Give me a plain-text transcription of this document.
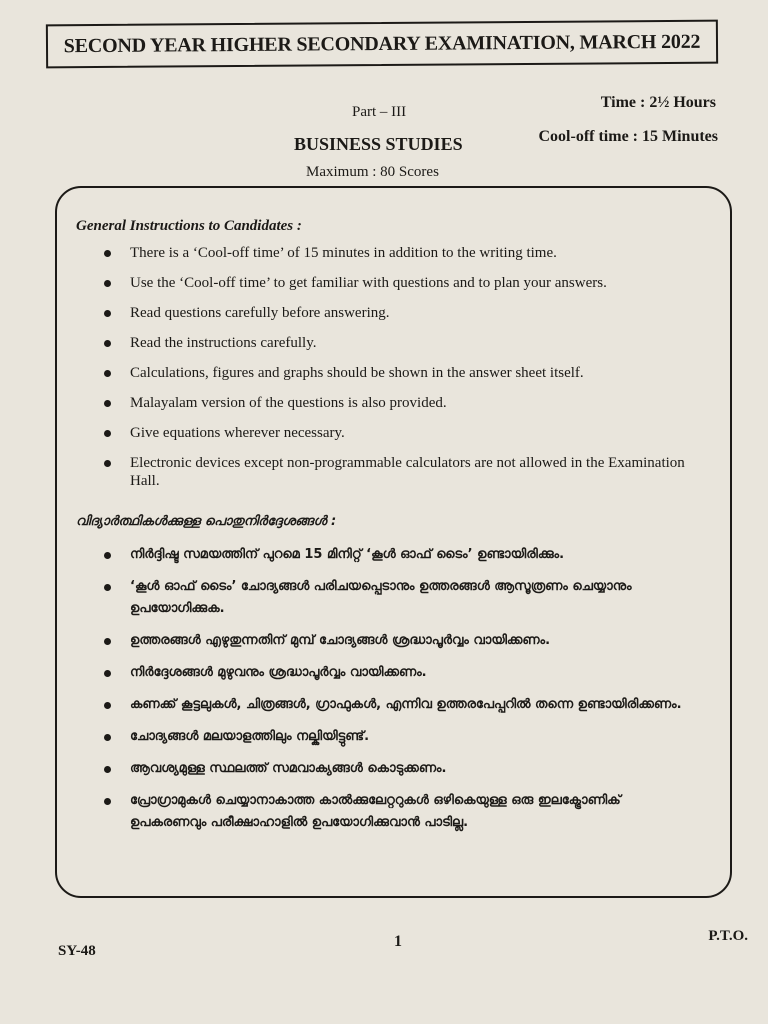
SECOND YEAR HIGHER SECONDARY EXAMINATION, MARCH 2022
Part – III
Time : 2½ Hours
BUSINESS STUDIES	Cool-off time : 15 Minutes
Maximum : 80 Scores
General Instructions to Candidates :
There is a ‘Cool-off time’ of 15 minutes in addition to the writing time.
Use the ‘Cool-off time’ to get familiar with questions and to plan your answers.
Read questions carefully before answering.
Read the instructions carefully.
Calculations, figures and graphs should be shown in the answer sheet itself.
Malayalam version of the questions is also provided.
Give equations wherever necessary.
Electronic devices except non-programmable calculators are not allowed in the Examination Hall.
വിദ്യാർത്ഥികൾക്കുള്ള പൊതുനിർദ്ദേശങ്ങൾ :
നിർദ്ദിഷ്ട സമയത്തിന് പുറമെ 15 മിനിറ്റ് ‘കൂൾ ഓഫ് ടൈം’ ഉണ്ടായിരിക്കും.
‘കൂൾ ഓഫ് ടൈം’ ചോദ്യങ്ങൾ പരിചയപ്പെടാനും ഉത്തരങ്ങൾ ആസൂത്രണം ചെയ്യാനും ഉപയോഗിക്കുക.
ഉത്തരങ്ങൾ എഴുതുന്നതിന് മുമ്പ് ചോദ്യങ്ങൾ ശ്രദ്ധാപൂർവ്വം വായിക്കണം.
നിർദ്ദേശങ്ങൾ മുഴുവനും ശ്രദ്ധാപൂർവ്വം വായിക്കണം.
കണക്ക് കൂട്ടലുകൾ, ചിത്രങ്ങൾ, ഗ്രാഫുകൾ, എന്നിവ ഉത്തരപേപ്പറിൽ തന്നെ ഉണ്ടായിരിക്കണം.
ചോദ്യങ്ങൾ മലയാളത്തിലും നല്കിയിട്ടുണ്ട്.
ആവശ്യമുള്ള സ്ഥലത്ത് സമവാക്യങ്ങൾ കൊടുക്കണം.
പ്രോഗ്രാമുകൾ ചെയ്യാനാകാത്ത കാൽക്കുലേറ്ററുകൾ ഒഴികെയുള്ള ഒരു ഇലക്ട്രോണിക് ഉപകരണവും പരീക്ഷാഹാളിൽ ഉപയോഗിക്കുവാൻ പാടില്ല.
SY-48
1	P.T.O.
